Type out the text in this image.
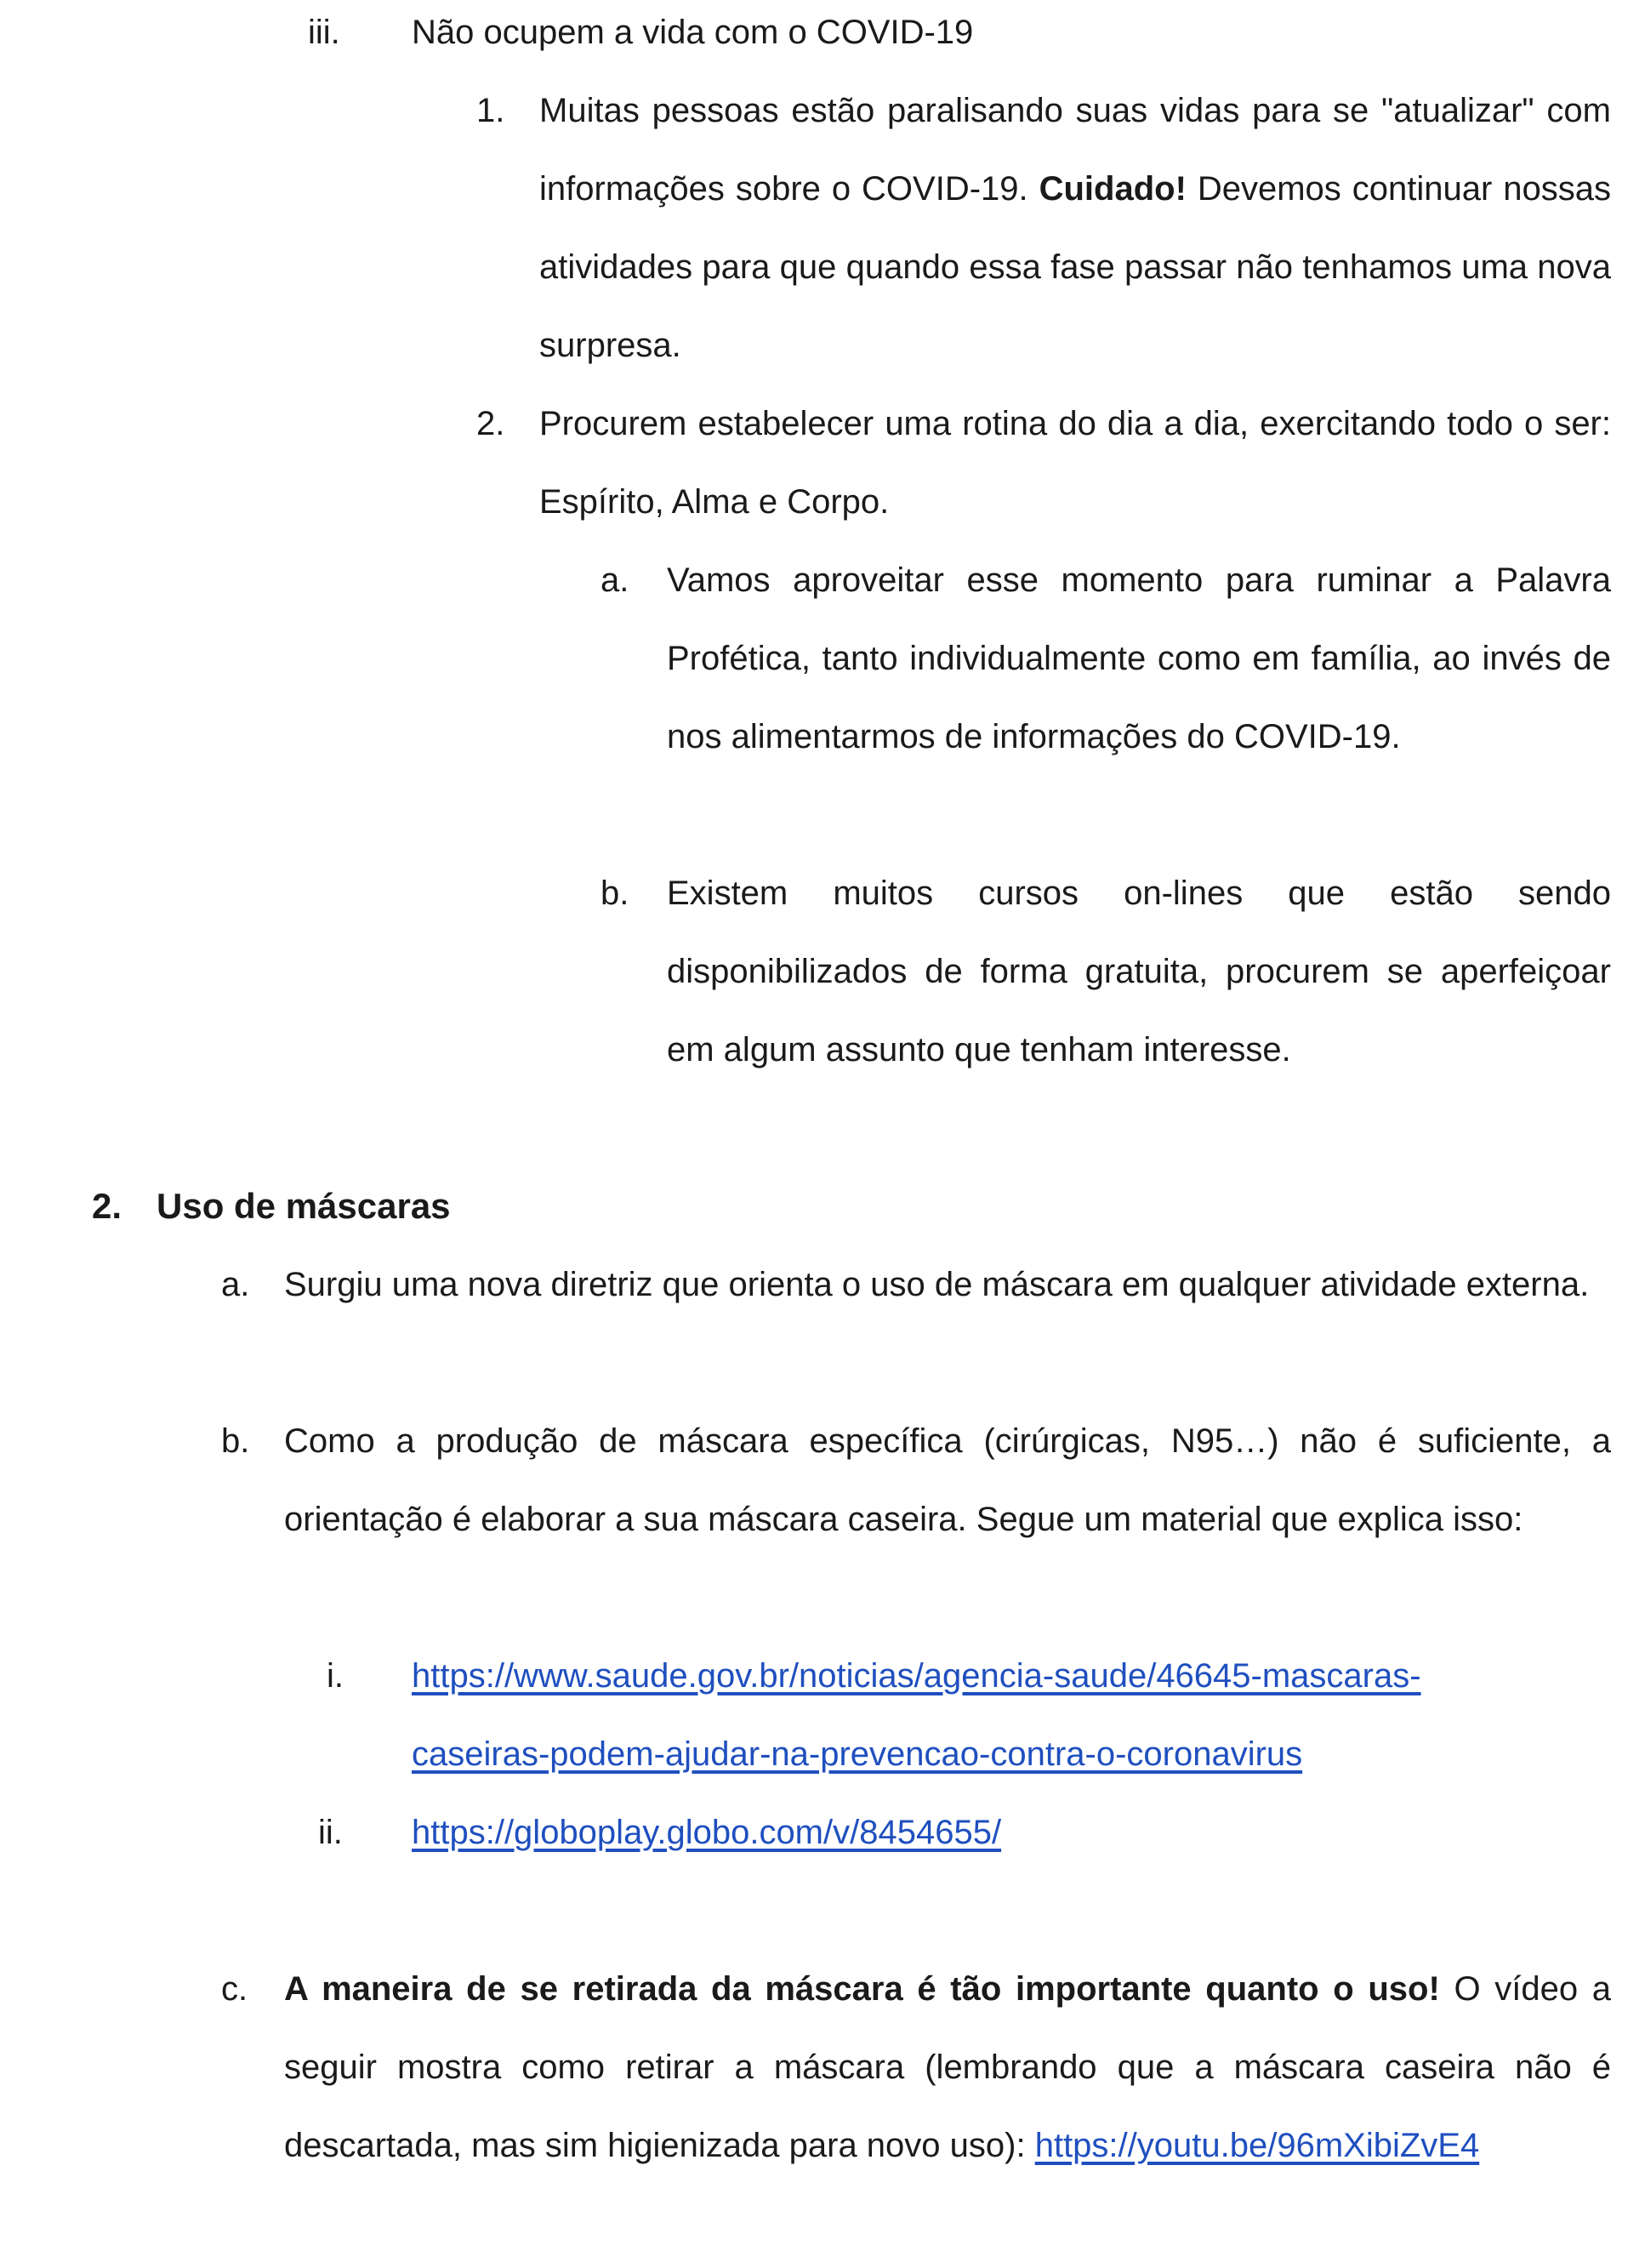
iii. Não ocupem a vida com o COVID-19
1. Muitas pessoas estão paralisando suas vidas para se "atualizar" com informações sobre o COVID-19. Cuidado! Devemos continuar nossas atividades para que quando essa fase passar não tenhamos uma nova surpresa.
2. Procurem estabelecer uma rotina do dia a dia, exercitando todo o ser: Espírito, Alma e Corpo.
a. Vamos aproveitar esse momento para ruminar a Palavra Profética, tanto individualmente como em família, ao invés de nos alimentarmos de informações do COVID-19.
b. Existem muitos cursos on-lines que estão sendo disponibilizados de forma gratuita, procurem se aperfeiçoar em algum assunto que tenham interesse.
2. Uso de máscaras
a. Surgiu uma nova diretriz que orienta o uso de máscara em qualquer atividade externa.
b. Como a produção de máscara específica (cirúrgicas, N95…) não é suficiente, a orientação é elaborar a sua máscara caseira. Segue um material que explica isso:
i. https://www.saude.gov.br/noticias/agencia-saude/46645-mascaras-
caseiras-podem-ajudar-na-prevencao-contra-o-coronavirus
ii. https://globoplay.globo.com/v/8454655/
c. A maneira de se retirada da máscara é tão importante quanto o uso! O vídeo a seguir mostra como retirar a máscara (lembrando que a máscara caseira não é descartada, mas sim higienizada para novo uso): https://youtu.be/96mXibiZvE4
